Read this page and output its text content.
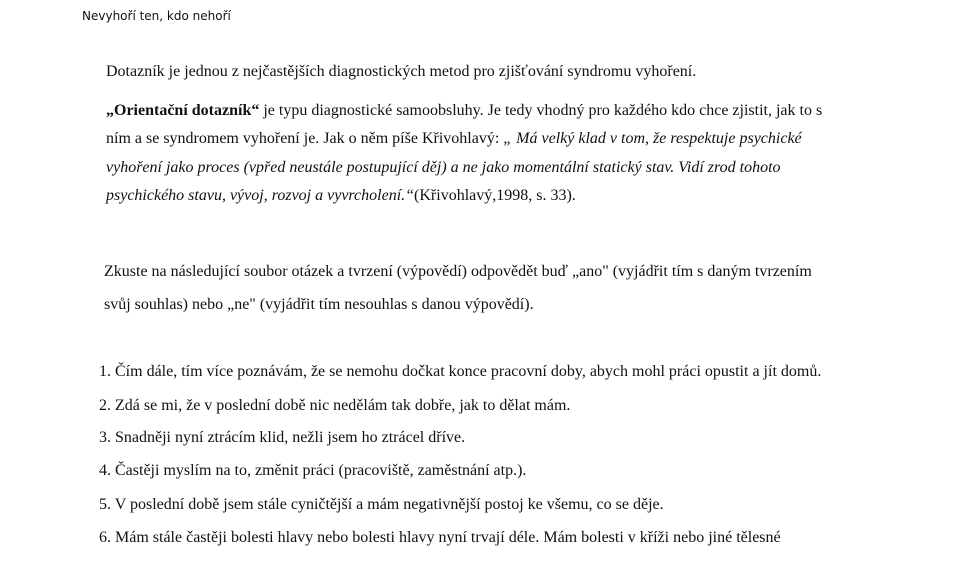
Nevyhoří ten, kdo nehoří
Dotazník je jednou z nejčastějších diagnostických metod pro zjišťování syndromu vyhoření.
„Orientační dotazník“ je typu diagnostické samoobsluhy. Je tedy vhodný pro každého kdo chce zjistit, jak to s
ním a se syndromem vyhoření je. Jak o něm píše Křivohlavý: „ Má velký klad v tom, že respektuje psychické
vyhoření jako proces (vpřed neustále postupující děj) a ne jako momentální statický stav. Vidí zrod tohoto
psychického stavu, vývoj, rozvoj a vyvrcholení.“(Křivohlavý,1998, s. 33).
Zkuste na následující soubor otázek a tvrzení (výpovědí) odpovědět buď „ano" (vyjádřit tím s daným tvrzením
svůj souhlas) nebo „ne" (vyjádřit tím nesouhlas s danou výpovědí).
1. Čím dále, tím více poznávám, že se nemohu dočkat konce pracovní doby, abych mohl práci opustit a jít domů.
2. Zdá se mi, že v poslední době nic nedělám tak dobře, jak to dělat mám.
3. Snadněji nyní ztrácím klid, nežli jsem ho ztrácel dříve.
4. Častěji myslím na to, změnit práci (pracoviště, zaměstnání atp.).
5. V poslední době jsem stále cyničtější a mám negativnější postoj ke všemu, co se děje.
6. Mám stále častěji bolesti hlavy nebo bolesti hlavy nyní trvají déle. Mám bolesti v kříži nebo jiné tělesné
